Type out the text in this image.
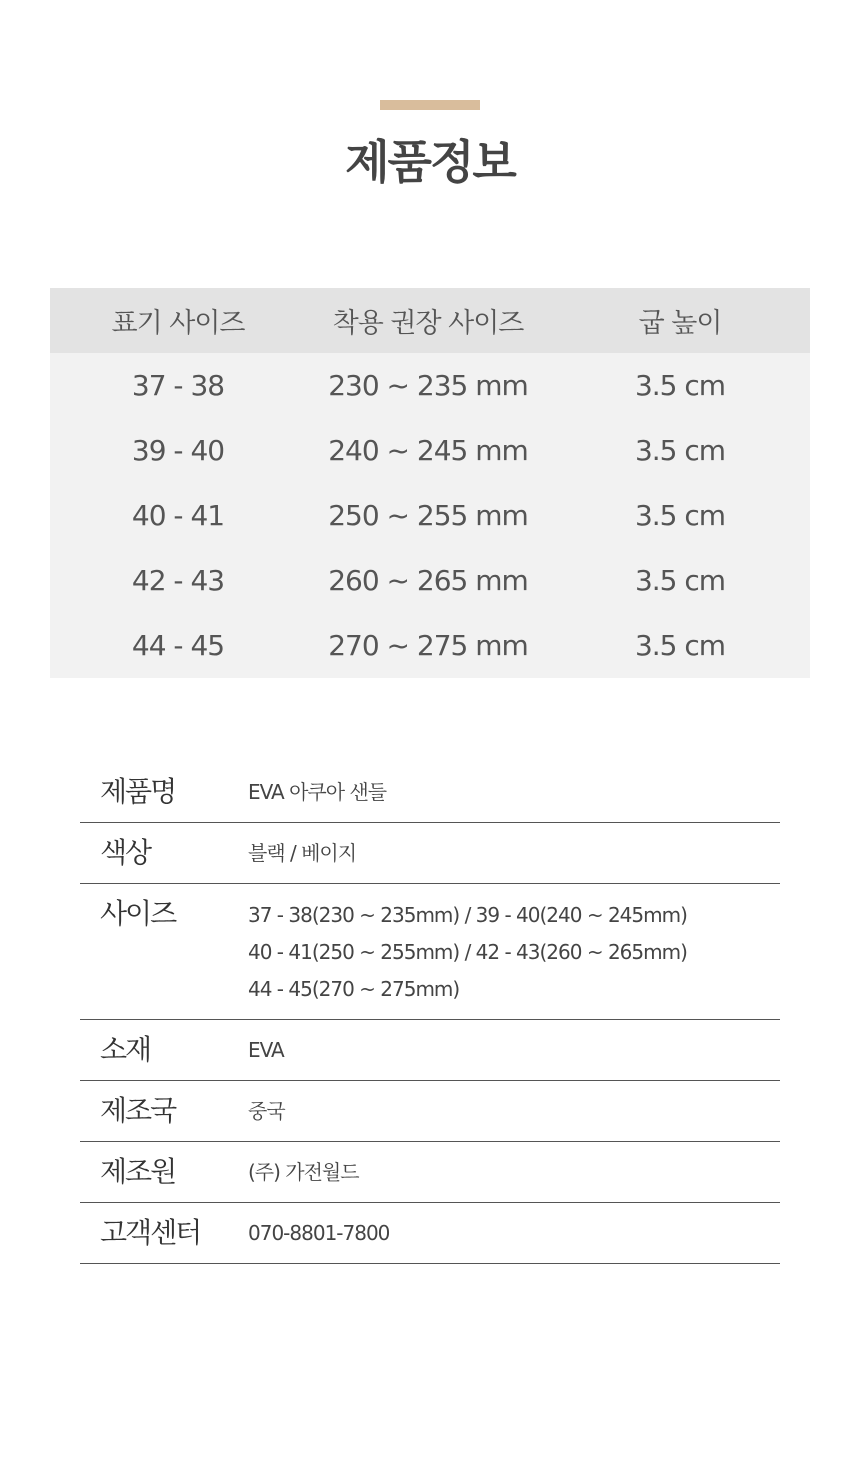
제품정보
표기 사이즈	착용 권장 사이즈	굽 높이
37 - 38	230 ~ 235 mm	3.5 cm
39 - 40	240 ~ 245 mm	3.5 cm
40 - 41	250 ~ 255 mm	3.5 cm
42 - 43	260 ~ 265 mm	3.5 cm
44 - 45	270 ~ 275 mm	3.5 cm
제품명	EVA 아쿠아 샌들
색상	블랙 / 베이지
사이즈	37 - 38(230 ~ 235mm) / 39 - 40(240 ~ 245mm)
40 - 41(250 ~ 255mm) / 42 - 43(260 ~ 265mm)
44 - 45(270 ~ 275mm)
소재	EVA
제조국	중국
제조원	(주) 가전월드
고객센터	070-8801-7800
